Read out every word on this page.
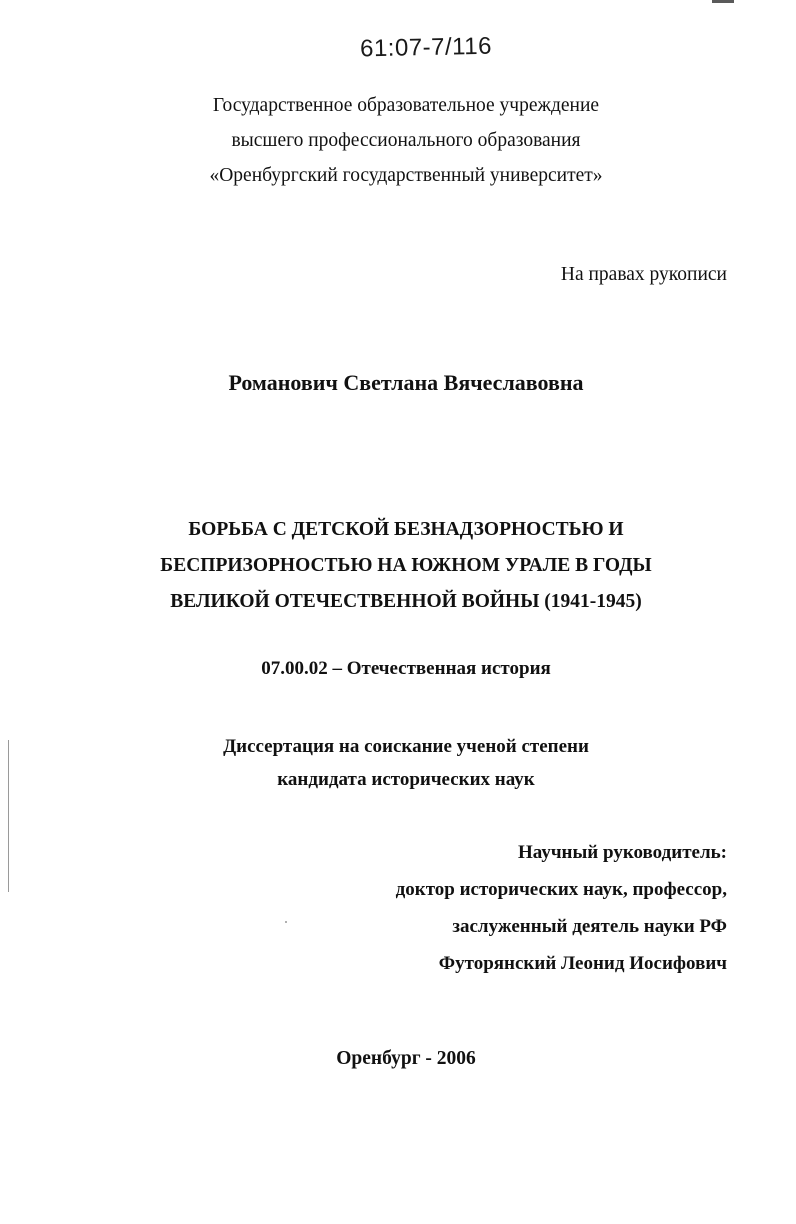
61:07-7/116
Государственное образовательное учреждение
высшего профессионального образования
«Оренбургский государственный университет»
На правах рукописи
Романович Светлана Вячеславовна
БОРЬБА С ДЕТСКОЙ БЕЗНАДЗОРНОСТЬЮ И
БЕСПРИЗОРНОСТЬЮ НА ЮЖНОМ УРАЛЕ В ГОДЫ
ВЕЛИКОЙ ОТЕЧЕСТВЕННОЙ ВОЙНЫ (1941-1945)
07.00.02 – Отечественная история
Диссертация на соискание ученой степени
кандидата исторических наук
Научный руководитель:
доктор исторических наук, профессор,
заслуженный деятель науки РФ
Футорянский Леонид Иосифович
Оренбург - 2006
